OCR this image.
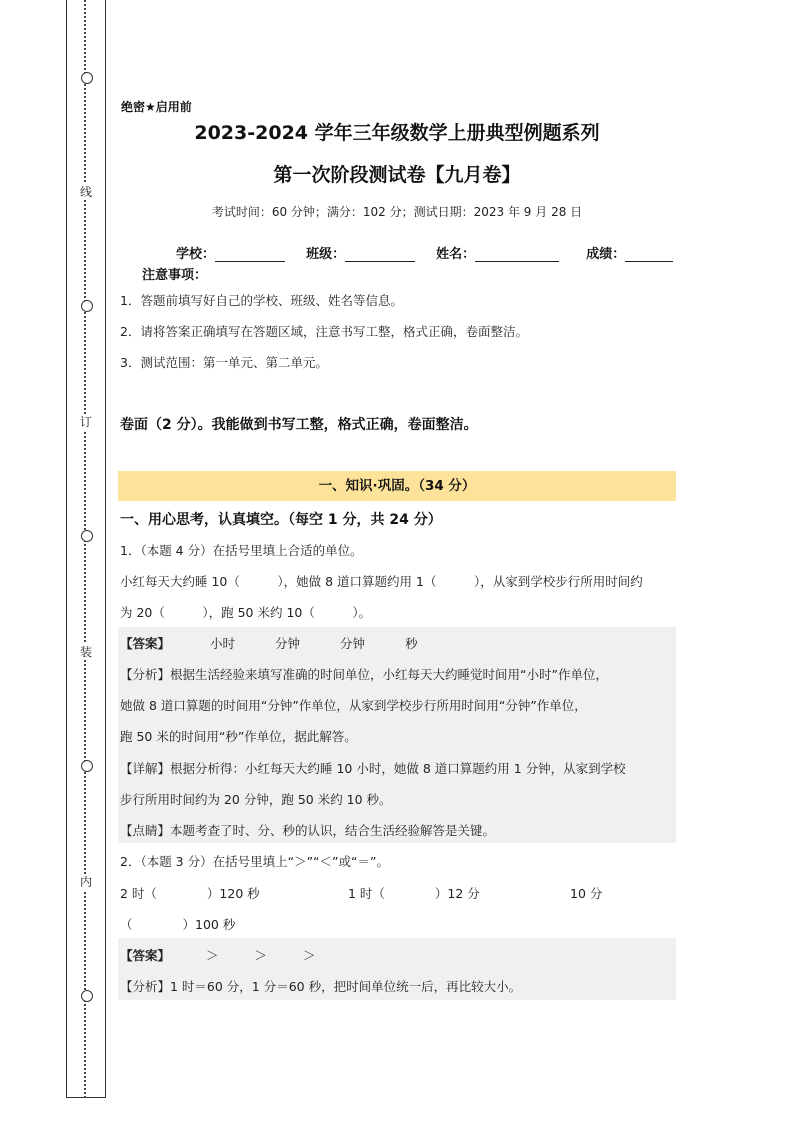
线
订
装
内
绝密★启用前
2023-2024 学年三年级数学上册典型例题系列
第一次阶段测试卷【九月卷】
考试时间：60 分钟；满分：102 分；测试日期：2023 年 9 月 28 日
学校：	班级：	姓名：	成绩：
注意事项：
1．答题前填写好自己的学校、班级、姓名等信息。
2．请将答案正确填写在答题区域，注意书写工整，格式正确，卷面整洁。
3．测试范围：第一单元、第二单元。
卷面（2 分）。我能做到书写工整，格式正确，卷面整洁。
一、知识·巩固。（34 分）
一、用心思考，认真填空。（每空 1 分，共 24 分）
1．（本题 4 分）在括号里填上合适的单位。
小红每天大约睡 10（　　　），她做 8 道口算题约用 1（　　　），从家到学校步行所用时间约
为 20（　　　），跑 50 米约 10（　　　）。
【答案】	小时	分钟	分钟	秒
【分析】根据生活经验来填写准确的时间单位，小红每天大约睡觉时间用“小时”作单位，
她做 8 道口算题的时间用“分钟”作单位，从家到学校步行所用时间用“分钟”作单位，
跑 50 米的时间用“秒”作单位，据此解答。
【详解】根据分析得：小红每天大约睡 10 小时，她做 8 道口算题约用 1 分钟，从家到学校
步行所用时间约为 20 分钟，跑 50 米约 10 秒。
【点睛】本题考查了时、分、秒的认识，结合生活经验解答是关键。
2．（本题 3 分）在括号里填上“＞”“＜”或“＝”。
2 时（　　　　）120 秒	1 时（　　　　）12 分	10 分
（　　　　）100 秒
【答案】	＞	＞	＞
【分析】1 时＝60 分，1 分＝60 秒，把时间单位统一后，再比较大小。
